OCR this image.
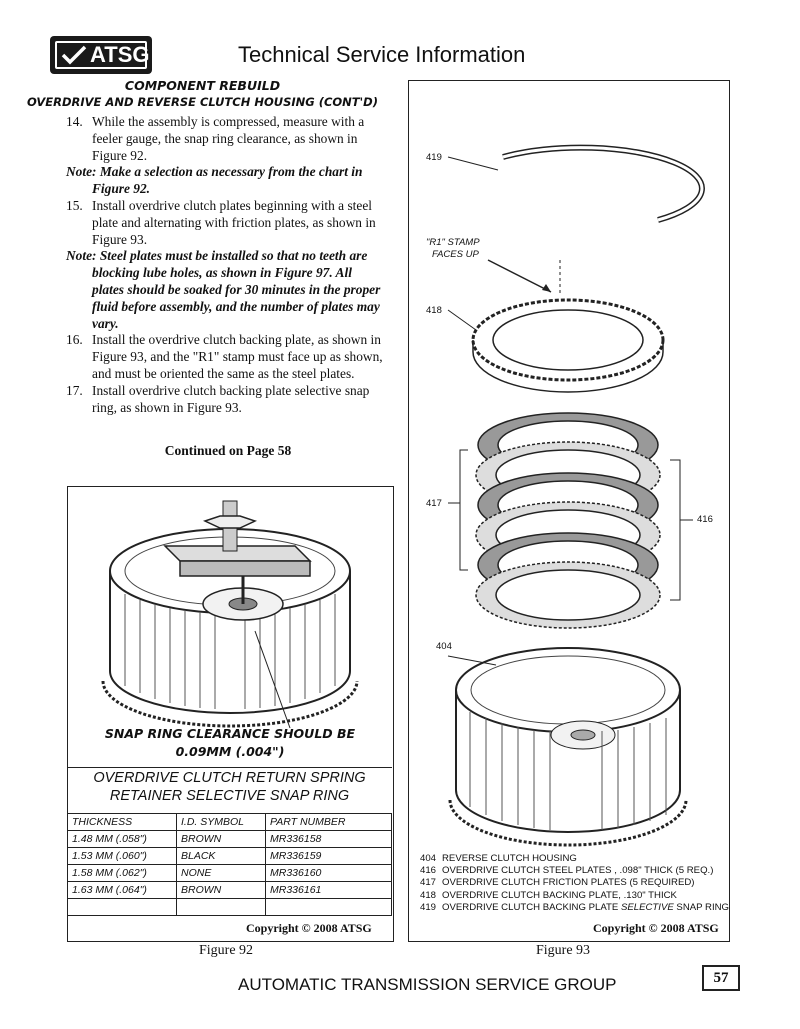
ATSG	Technical Service Information
COMPONENT REBUILD
OVERDRIVE AND REVERSE CLUTCH HOUSING (CONT'D)

14. While the assembly is compressed, measure with a feeler gauge, the snap ring clearance, as shown in Figure 92.
Note: Make a selection as necessary from the chart in Figure 92.

15. Install overdrive clutch plates beginning with a steel plate and alternating with friction plates, as shown in Figure 93.
Note: Steel plates must be installed so that no teeth are blocking lube holes, as shown in Figure 97. All plates should be soaked for 30 minutes in the proper fluid before assembly, and the number of plates may vary.

16. Install the overdrive clutch backing plate, as shown in Figure 93, and the "R1" stamp must face up as shown, and must be oriented the same as the steel plates.

17. Install overdrive clutch backing plate selective snap ring, as shown in Figure 93.

Continued on Page 58
SNAP RING CLEARANCE SHOULD BE
0.09MM (.004")
OVERDRIVE CLUTCH RETURN SPRING
RETAINER SELECTIVE SNAP RING
THICKNESS	I.D. SYMBOL	PART NUMBER
1.48 MM (.058")	BROWN	MR336158
1.53 MM (.060")	BLACK	MR336159
1.58 MM (.062")	NONE	MR336160
1.63 MM (.064")	BROWN	MR336161

Copyright © 2008 ATSG
Figure 92
419
"R1" STAMP
FACES UP
418
417
416
404
404 REVERSE CLUTCH HOUSING
416 OVERDRIVE CLUTCH STEEL PLATES , .098" THICK (5 REQ.)
417 OVERDRIVE CLUTCH FRICTION PLATES (5 REQUIRED)
418 OVERDRIVE CLUTCH BACKING PLATE, .130" THICK
419 OVERDRIVE CLUTCH BACKING PLATE SELECTIVE SNAP RING
Copyright © 2008 ATSG
Figure 93
AUTOMATIC TRANSMISSION SERVICE GROUP	57
